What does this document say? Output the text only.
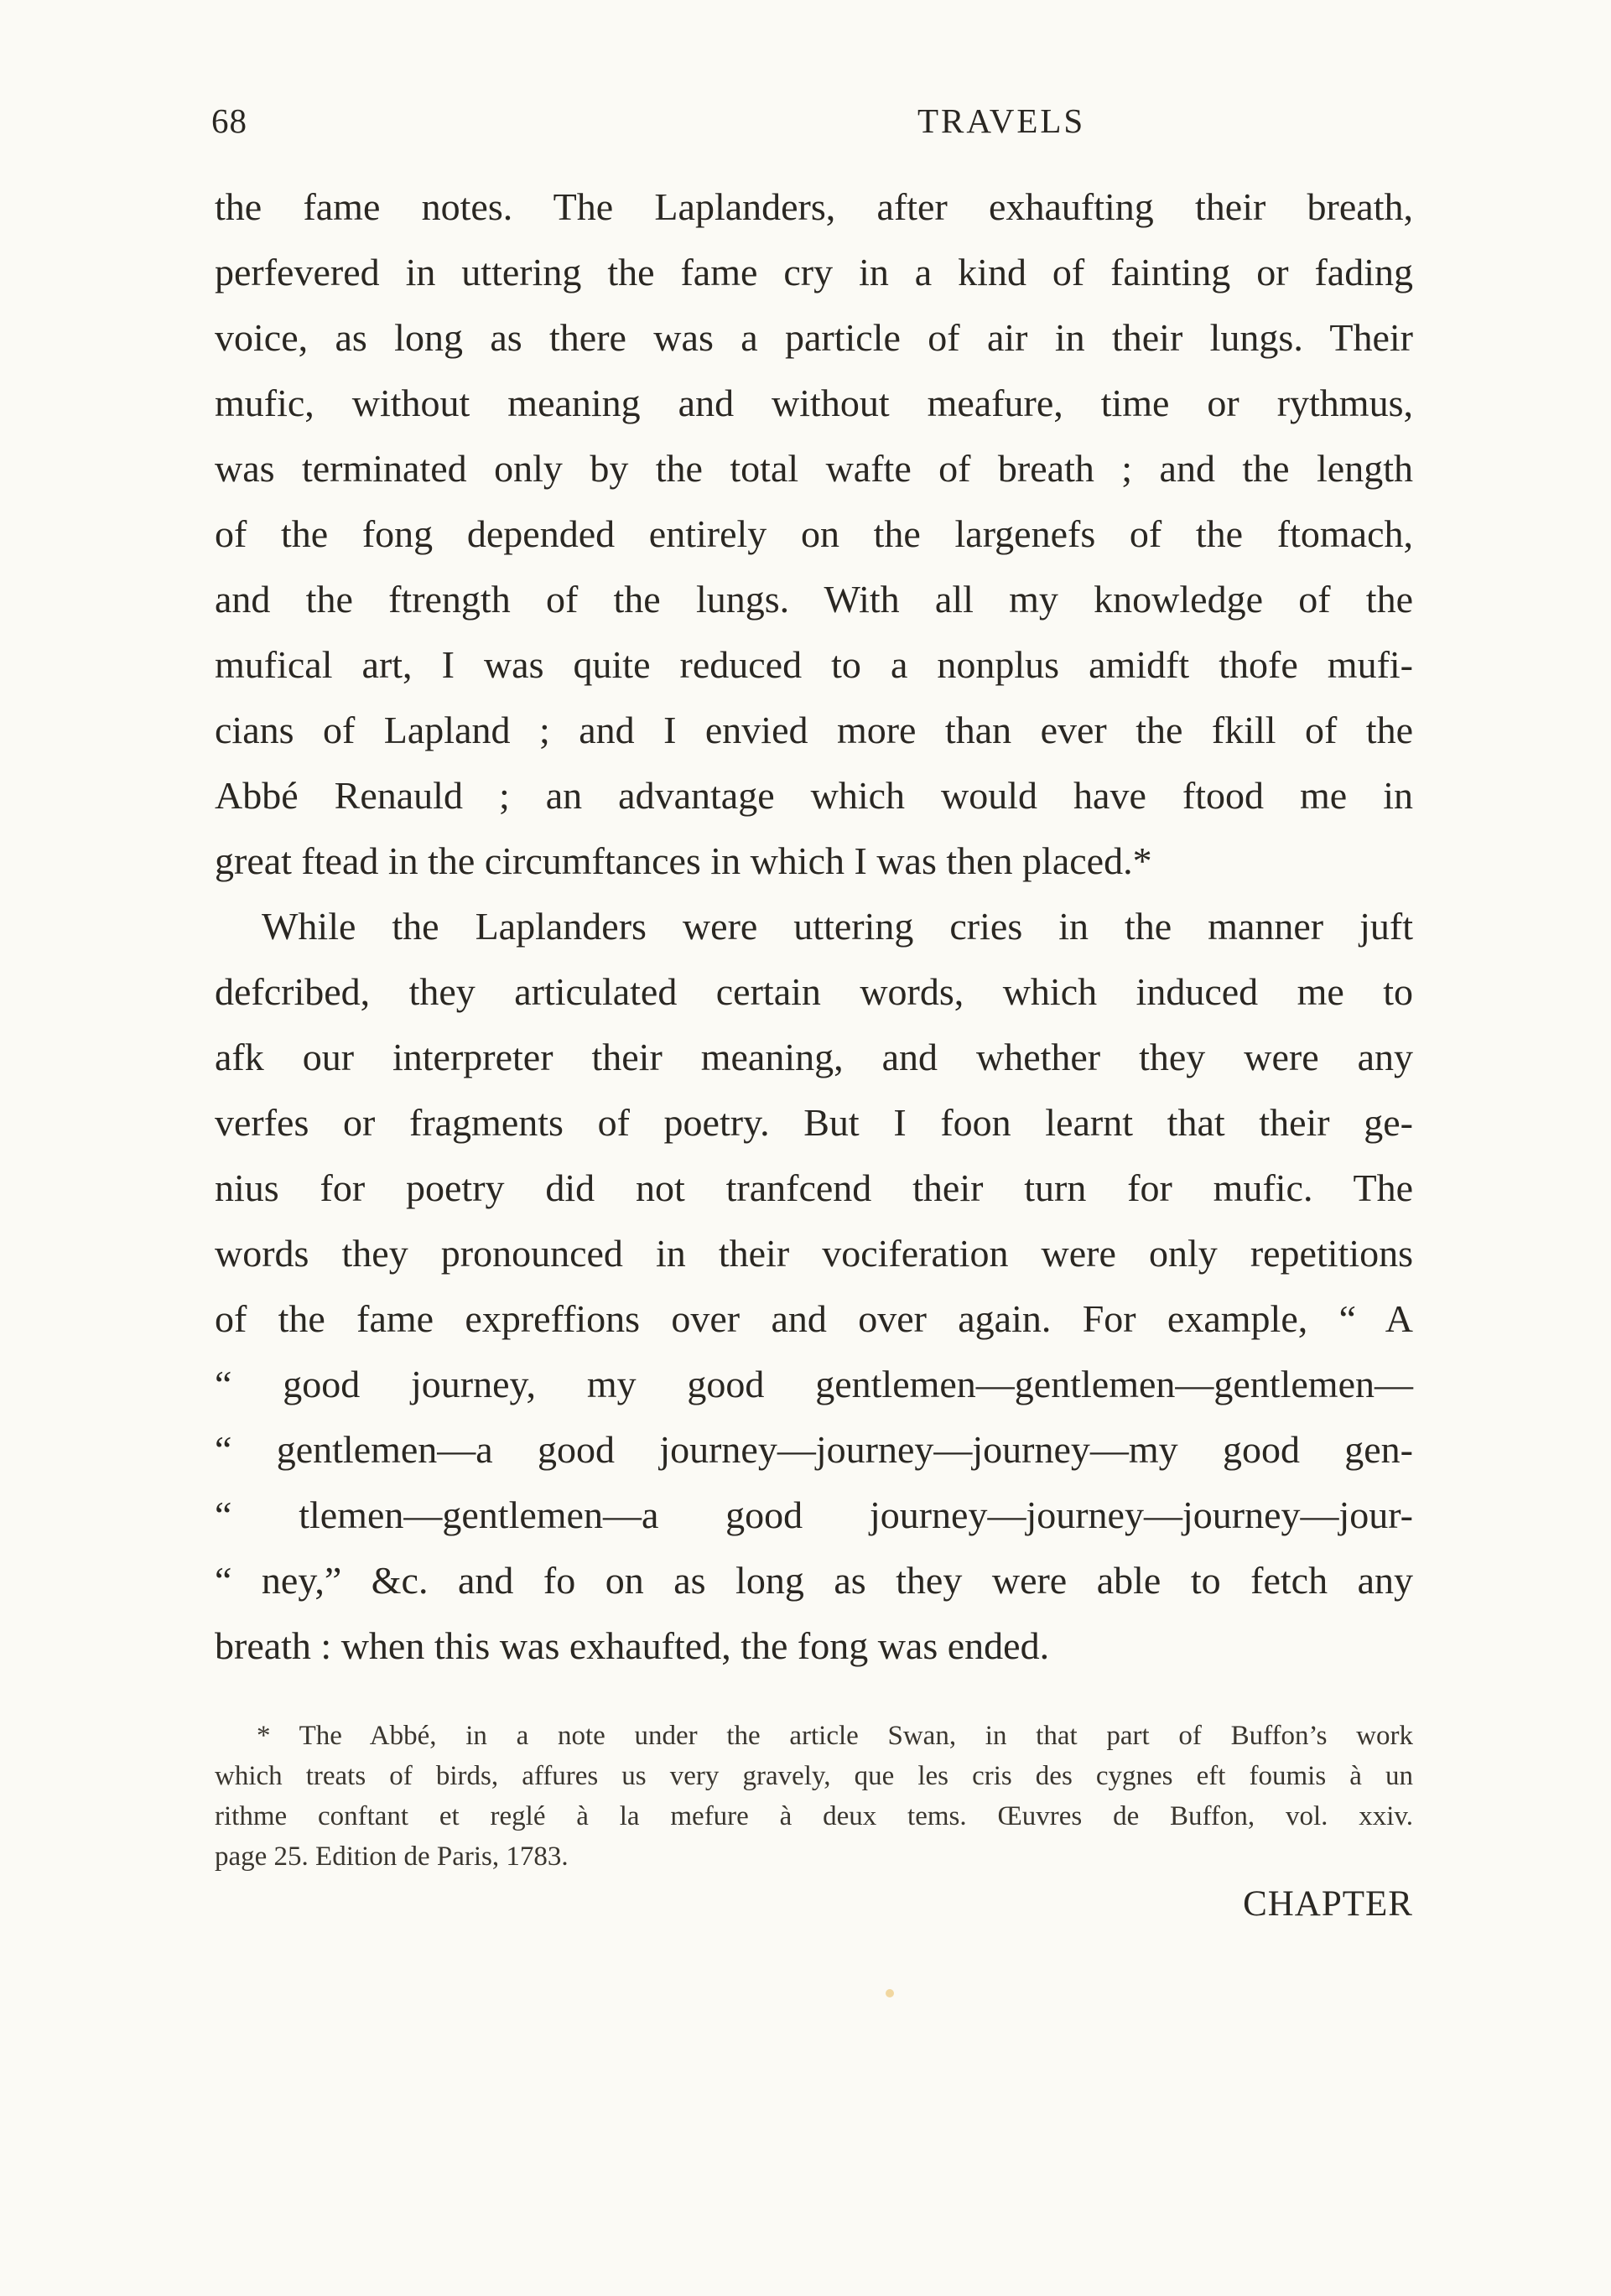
68	TRAVELS
the fame notes. The Laplanders, after exhaufting their breath,
perfevered in uttering the fame cry in a kind of fainting or fading
voice, as long as there was a particle of air in their lungs. Their
mufic, without meaning and without meafure, time or rythmus,
was terminated only by the total wafte of breath ; and the length
of the fong depended entirely on the largenefs of the ftomach,
and the ftrength of the lungs. With all my knowledge of the
mufical art, I was quite reduced to a nonplus amidft thofe mufi-
cians of Lapland ; and I envied more than ever the fkill of the
Abbé Renauld ; an advantage which would have ftood me in
great ftead in the circumftances in which I was then placed.*
While the Laplanders were uttering cries in the manner juft
defcribed, they articulated certain words, which induced me to
afk our interpreter their meaning, and whether they were any
verfes or fragments of poetry. But I foon learnt that their ge-
nius for poetry did not tranfcend their turn for mufic. The
words they pronounced in their vociferation were only repetitions
of the fame expreffions over and over again. For example, “ A
“ good journey, my good gentlemen—gentlemen—gentlemen—
“ gentlemen—a good journey—journey—journey—my good gen-
“ tlemen—gentlemen—a good journey—journey—journey—jour-
“ ney,” &c. and fo on as long as they were able to fetch any
breath : when this was exhaufted, the fong was ended.
* The Abbé, in a note under the article Swan, in that part of Buffon’s work
which treats of birds, affures us very gravely, que les cris des cygnes eft foumis à un
rithme conftant et reglé à la mefure à deux tems. Œuvres de Buffon, vol. xxiv.
page 25. Edition de Paris, 1783.
CHAPTER
